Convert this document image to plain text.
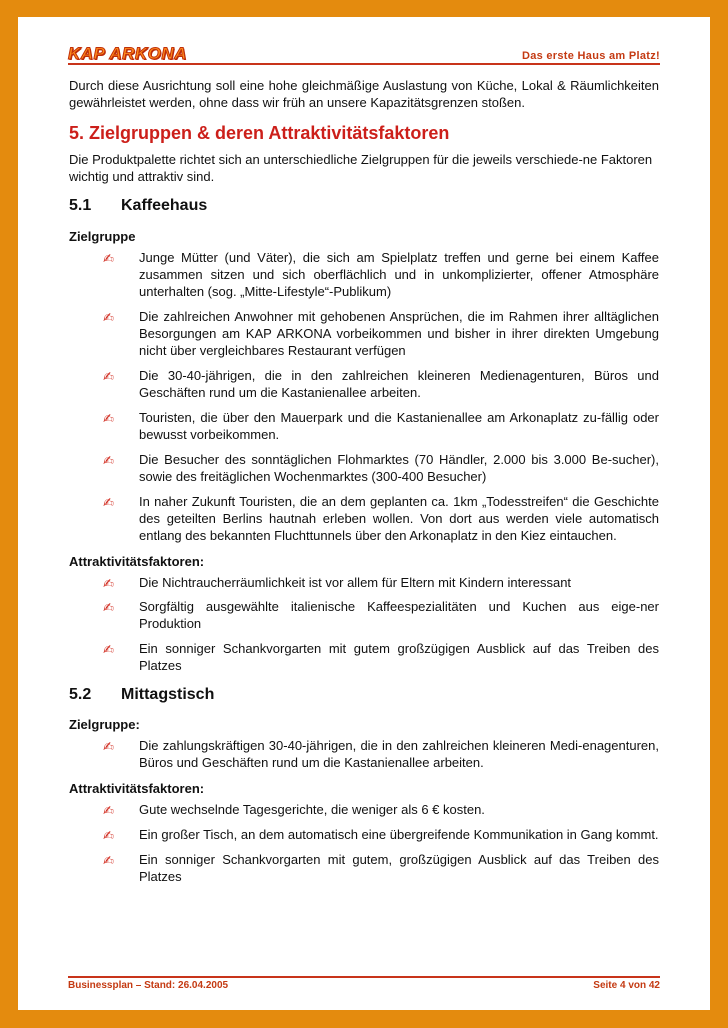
KAP ARKONA	Das erste Haus am Platz!

Durch diese Ausrichtung soll eine hohe gleichmäßige Auslastung von Küche, Lokal & Räumlichkeiten gewährleistet werden, ohne dass wir früh an unsere Kapazitätsgrenzen stoßen.

5. Zielgruppen & deren Attraktivitätsfaktoren

Die Produktpalette richtet sich an unterschiedliche Zielgruppen für die jeweils verschiede-ne Faktoren wichtig und attraktiv sind.

5.1 Kaffeehaus

Zielgruppe

✍ Junge Mütter (und Väter), die sich am Spielplatz treffen und gerne bei einem Kaffee zusammen sitzen und sich oberflächlich und in unkomplizierter, offener Atmosphäre unterhalten (sog. „Mitte-Lifestyle“-Publikum)
✍ Die zahlreichen Anwohner mit gehobenen Ansprüchen, die im Rahmen ihrer alltäglichen Besorgungen am KAP ARKONA vorbeikommen und bisher in ihrer direkten Umgebung nicht über vergleichbares Restaurant verfügen
✍ Die 30-40-jährigen, die in den zahlreichen kleineren Medienagenturen, Büros und Geschäften rund um die Kastanienallee arbeiten.
✍ Touristen, die über den Mauerpark und die Kastanienallee am Arkonaplatz zu-fällig oder bewusst vorbeikommen.
✍ Die Besucher des sonntäglichen Flohmarktes (70 Händler, 2.000 bis 3.000 Be-sucher), sowie des freitäglichen Wochenmarktes (300-400 Besucher)
✍ In naher Zukunft Touristen, die an dem geplanten ca. 1km „Todesstreifen“ die Geschichte des geteilten Berlins hautnah erleben wollen. Von dort aus werden viele automatisch entlang des bekannten Fluchttunnels über den Arkonaplatz in den Kiez eintauchen.

Attraktivitätsfaktoren:

✍ Die Nichtraucherräumlichkeit ist vor allem für Eltern mit Kindern interessant
✍ Sorgfältig ausgewählte italienische Kaffeespezialitäten und Kuchen aus eige-ner Produktion
✍ Ein sonniger Schankvorgarten mit gutem großzügigen Ausblick auf das Treiben des Platzes

5.2 Mittagstisch

Zielgruppe:

✍ Die zahlungskräftigen 30-40-jährigen, die in den zahlreichen kleineren Medi-enagenturen, Büros und Geschäften rund um die Kastanienallee arbeiten.

Attraktivitätsfaktoren:

✍ Gute wechselnde Tagesgerichte, die weniger als 6 € kosten.
✍ Ein großer Tisch, an dem automatisch eine übergreifende Kommunikation in Gang kommt.
✍ Ein sonniger Schankvorgarten mit gutem, großzügigen Ausblick auf das Treiben des Platzes
Businessplan – Stand: 26.04.2005	Seite 4 von 42
